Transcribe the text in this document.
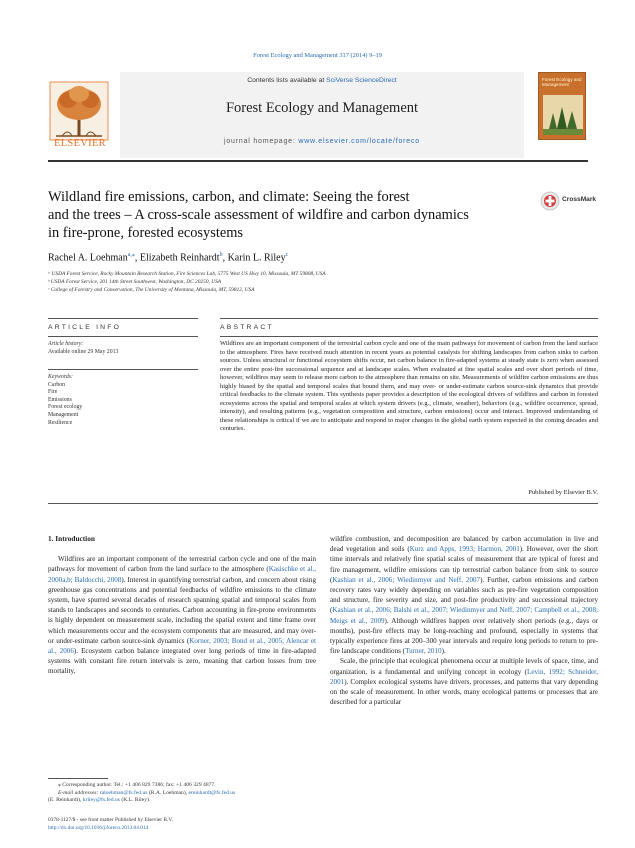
Forest Ecology and Management 317 (2014) 9–19
ELSEVIER
Contents lists available at SciVerse ScienceDirect
Forest Ecology and Management
journal homepage: www.elsevier.com/locate/foreco
Forest Ecology and Management
Wildland fire emissions, carbon, and climate: Seeing the forest
and the trees – A cross-scale assessment of wildfire and carbon dynamics
in fire-prone, forested ecosystems
CrossMark
Rachel A. Loehman$^{a,⁎}$, Elizabeth Reinhardt$^b$, Karin L. Riley$^c$
ᵃ USDA Forest Service, Rocky Mountain Research Station, Fire Sciences Lab, 5775 West US Hwy 10, Missoula, MT 59808, USA
ᵇ USDA Forest Service, 201 14th Street Southwest, Washington, DC 20250, USA
ᶜ College of Forestry and Conservation, The University of Montana, Missoula, MT, 59812, USA
ARTICLE INFO	ABSTRACT
Article history:
Available online 29 May 2013
Keywords:
Carbon
Fire
Emissions
Forest ecology
Management
Resilience
Wildfires are an important component of the terrestrial carbon cycle and one of the main pathways for movement of carbon from the land surface to the atmosphere. Fires have received much attention in recent years as potential catalysts for shifting landscapes from carbon sinks to carbon sources. Unless structural or functional ecosystem shifts occur, net carbon balance in fire-adapted systems at steady state is zero when assessed over the entire post-fire successional sequence and at landscape scales. When evaluated at fine spatial scales and over short periods of time, however, wildfires may seem to release more carbon to the atmosphere than remains on site. Measurements of wildfire carbon emissions are thus highly biased by the spatial and temporal scales that bound them, and may over- or under-estimate carbon source-sink dynamics that provide critical feedbacks to the climate system. This synthesis paper provides a description of the ecological drivers of wildfires and carbon in forested ecosystems across the spatial and temporal scales at which system drivers (e.g., climate, weather), behaviors (e.g., wildfire occurrence, spread, intensity), and resulting patterns (e.g., vegetation composition and structure, carbon emissions) occur and interact. Improved understanding of these relationships is critical if we are to anticipate and respond to major changes in the global earth system expected in the coming decades and centuries.
Published by Elsevier B.V.
1. Introduction

Wildfires are an important component of the terrestrial carbon cycle and one of the main pathways for movement of carbon from the land surface to the atmosphere (Kasischke et al., 2000a,b; Baldocchi, 2008). Interest in quantifying terrestrial carbon, and concern about rising greenhouse gas concentrations and potential feedbacks of wildfire emissions to the climate system, have spurred several decades of research spanning spatial and temporal scales from stands to landscapes and seconds to centuries. Carbon accounting in fire-prone environments is highly dependent on measurement scale, including the spatial extent and time frame over which measurements occur and the ecosystem components that are measured, and may over- or under-estimate carbon source-sink dynamics (Korner, 2003; Bond et al., 2005; Alencar et al., 2006). Ecosystem carbon balance integrated over long periods of time in fire-adapted systems with constant fire return intervals is zero, meaning that carbon losses from tree mortality,

wildfire combustion, and decomposition are balanced by carbon accumulation in live and dead vegetation and soils (Kurz and Apps, 1993; Harmon, 2001). However, over the short time intervals and relatively fine spatial scales of measurement that are typical of forest and fire management, wildfire emissions can tip terrestrial carbon balance from sink to source (Kashian et al., 2006; Wiedinmyer and Neff, 2007). Further, carbon emissions and carbon recovery rates vary widely depending on variables such as pre-fire vegetation composition and structure, fire severity and size, and post-fire productivity and successional trajectory (Kashian et al., 2006; Balshi et al., 2007; Wiedinmyer and Neff, 2007; Campbell et al., 2008; Meigs et al., 2009). Although wildfires happen over relatively short periods (e.g., days or months), post-fire effects may be long-reaching and profound, especially in systems that typically experience fires at 200–300 year intervals and require long periods to return to pre-fire landscape conditions (Turner, 2010).

Scale, the principle that ecological phenomena occur at multiple levels of space, time, and organization, is a fundamental and unifying concept in ecology (Levin, 1992; Schneider, 2001). Complex ecological systems have drivers, processes, and patterns that vary depending on the scale of measurement. In other words, many ecological patterns or processes that are described for a particular

⁎ Corresponding author. Tel.: +1 406 829 7386; fax: +1 406 329 4877.
E-mail addresses: raloehman@fs.fed.us (R.A. Loehman), ereinhardt@fs.fed.us
(E. Reinhardt), kriley@fs.fed.us (K.L. Riley).
0378-1127/$ - see front matter Published by Elsevier B.V.
http://dx.doi.org/10.1016/j.foreco.2013.04.014
